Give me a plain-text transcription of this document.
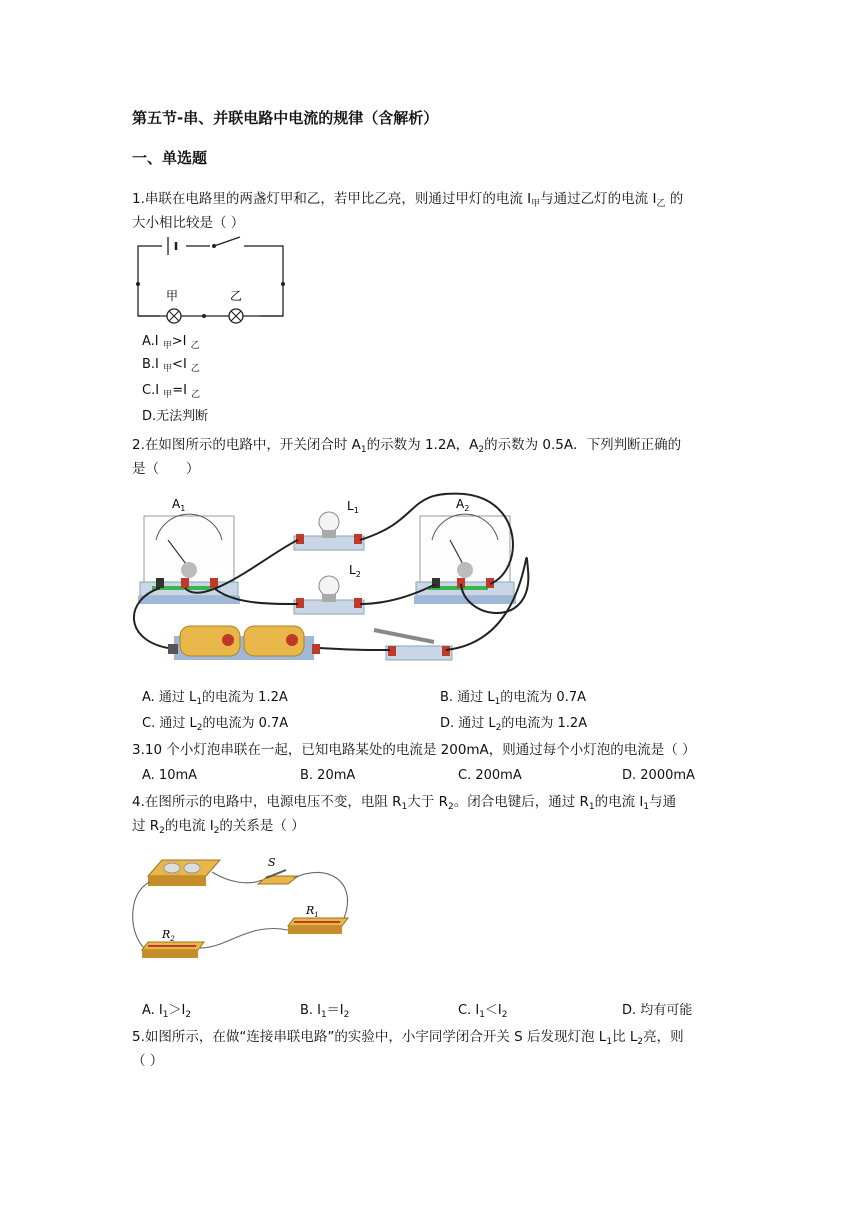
第五节-串、并联电路中电流的规律（含解析）
一、单选题
1.串联在电路里的两盏灯甲和乙，若甲比乙亮，则通过甲灯的电流 $I_甲$与通过乙灯的电流 $I_乙$ 的
大小相比较是（ ）
甲	乙
A.I $_甲$>I $_乙$
B.I $_甲$<I $_乙$
C.I $_甲$=I $_乙$
D.无法判断
2.在如图所示的电路中，开关闭合时 $A_1$的示数为 1.2A，$A_2$的示数为 0.5A．下列判断正确的
是（　　）
$A_1$	$L_1$
$L_2$
$A_2$
A. 通过 $L_1$的电流为 1.2A	B. 通过 $L_1$的电流为 0.7A
C. 通过 $L_2$的电流为 0.7A	D. 通过 $L_2$的电流为 1.2A
3.10 个小灯泡串联在一起，已知电路某处的电流是 200mA，则通过每个小灯泡的电流是（ ）
A. 10mA	B. 20mA	C. 200mA	D. 2000mA
4.在图所示的电路中，电源电压不变，电阻 $R_1$大于 $R_2$。闭合电键后，通过 $R_1$的电流 $I_1$与通
过 $R_2$的电流 $I_2$的关系是（ ）
S
$R_1$
$R_2$
A. $I_1>I_2$	B. $I_1=I_2$	C. $I_1<I_2$	D. 均有可能
5.如图所示，在做“连接串联电路”的实验中，小宇同学闭合开关 S 后发现灯泡 $L_1$比 $L_2$亮，则
（ ）
